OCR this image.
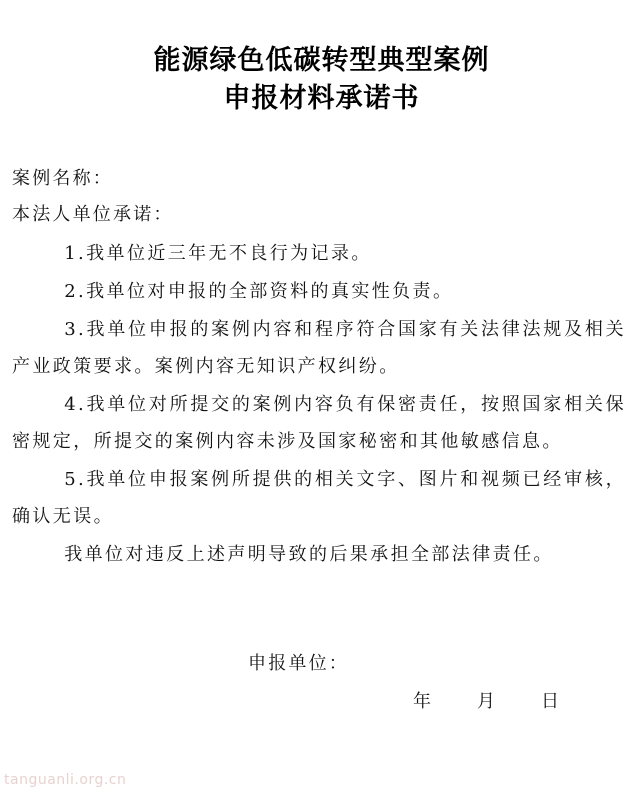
能源绿色低碳转型典型案例
申报材料承诺书
案例名称：
本法人单位承诺：
1.我单位近三年无不良行为记录。
2.我单位对申报的全部资料的真实性负责。
3.我单位申报的案例内容和程序符合国家有关法律法规及相关产业政策要求。案例内容无知识产权纠纷。
4.我单位对所提交的案例内容负有保密责任，按照国家相关保密规定，所提交的案例内容未涉及国家秘密和其他敏感信息。
5.我单位申报案例所提供的相关文字、图片和视频已经审核，确认无误。
我单位对违反上述声明导致的后果承担全部法律责任。
申报单位：
年	月	日
tanguanli.org.cn
